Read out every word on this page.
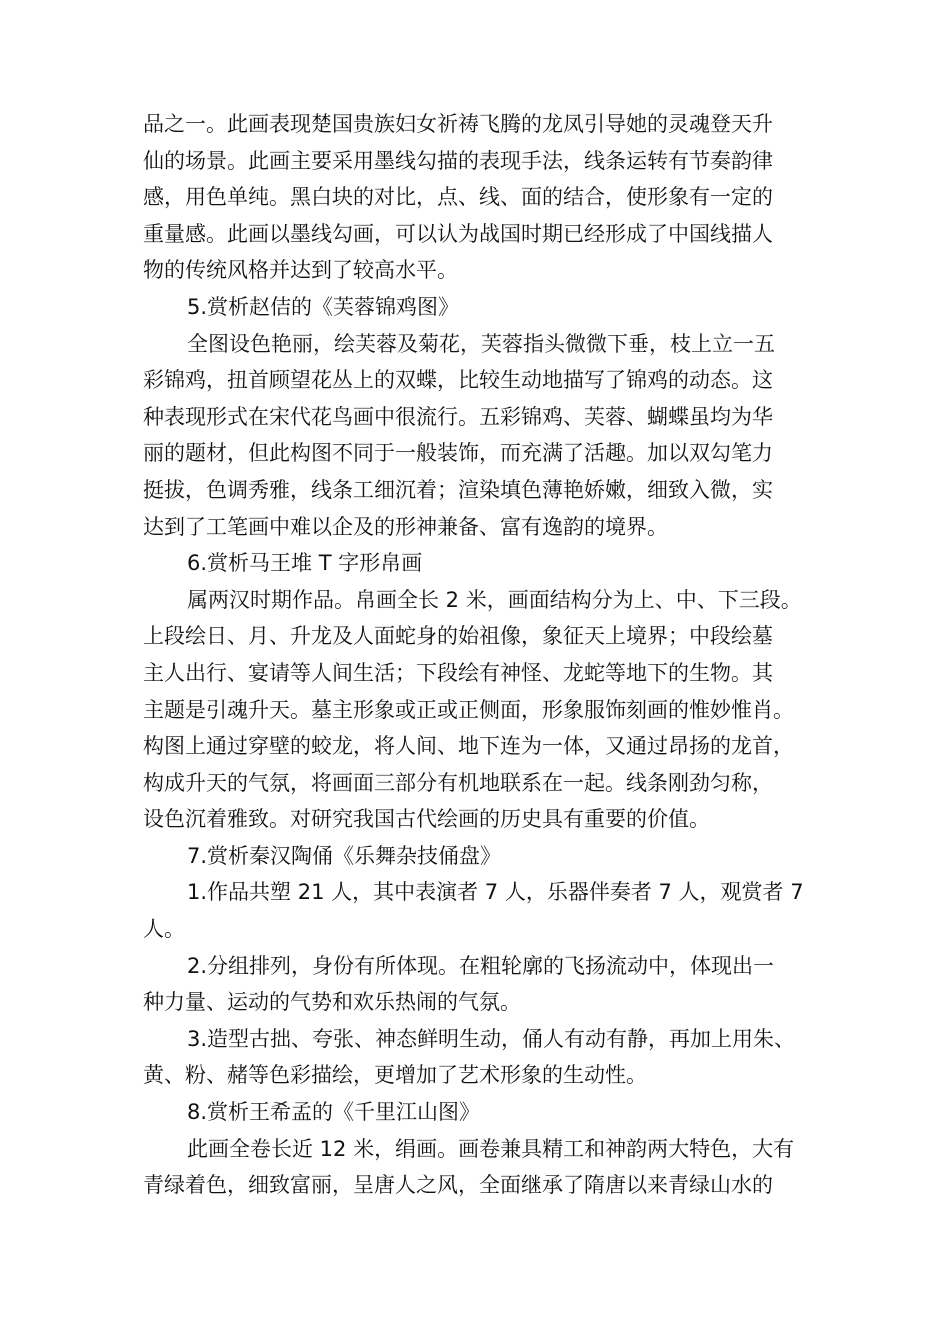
品之一。此画表现楚国贵族妇女祈祷飞腾的龙凤引导她的灵魂登天升
仙的场景。此画主要采用墨线勾描的表现手法，线条运转有节奏韵律
感，用色单纯。黑白块的对比，点、线、面的结合，使形象有一定的
重量感。此画以墨线勾画，可以认为战国时期已经形成了中国线描人
物的传统风格并达到了较高水平。
5.赏析赵佶的《芙蓉锦鸡图》
全图设色艳丽，绘芙蓉及菊花，芙蓉指头微微下垂，枝上立一五
彩锦鸡，扭首顾望花丛上的双蝶，比较生动地描写了锦鸡的动态。这
种表现形式在宋代花鸟画中很流行。五彩锦鸡、芙蓉、蝴蝶虽均为华
丽的题材，但此构图不同于一般装饰，而充满了活趣。加以双勾笔力
挺拔，色调秀雅，线条工细沉着；渲染填色薄艳娇嫩，细致入微，实
达到了工笔画中难以企及的形神兼备、富有逸韵的境界。
6.赏析马王堆 T 字形帛画
属两汉时期作品。帛画全长 2 米，画面结构分为上、中、下三段。
上段绘日、月、升龙及人面蛇身的始祖像，象征天上境界；中段绘墓
主人出行、宴请等人间生活；下段绘有神怪、龙蛇等地下的生物。其
主题是引魂升天。墓主形象或正或正侧面，形象服饰刻画的惟妙惟肖。
构图上通过穿壁的蛟龙，将人间、地下连为一体，又通过昂扬的龙首，
构成升天的气氛，将画面三部分有机地联系在一起。线条刚劲匀称，
设色沉着雅致。对研究我国古代绘画的历史具有重要的价值。
7.赏析秦汉陶俑《乐舞杂技俑盘》
1.作品共塑 21 人，其中表演者 7 人，乐器伴奏者 7 人，观赏者 7
人。
2.分组排列，身份有所体现。在粗轮廓的飞扬流动中，体现出一
种力量、运动的气势和欢乐热闹的气氛。
3.造型古拙、夸张、神态鲜明生动，俑人有动有静，再加上用朱、
黄、粉、赭等色彩描绘，更增加了艺术形象的生动性。
8.赏析王希孟的《千里江山图》
此画全卷长近 12 米，绢画。画卷兼具精工和神韵两大特色，大有
青绿着色，细致富丽，呈唐人之风，全面继承了隋唐以来青绿山水的
